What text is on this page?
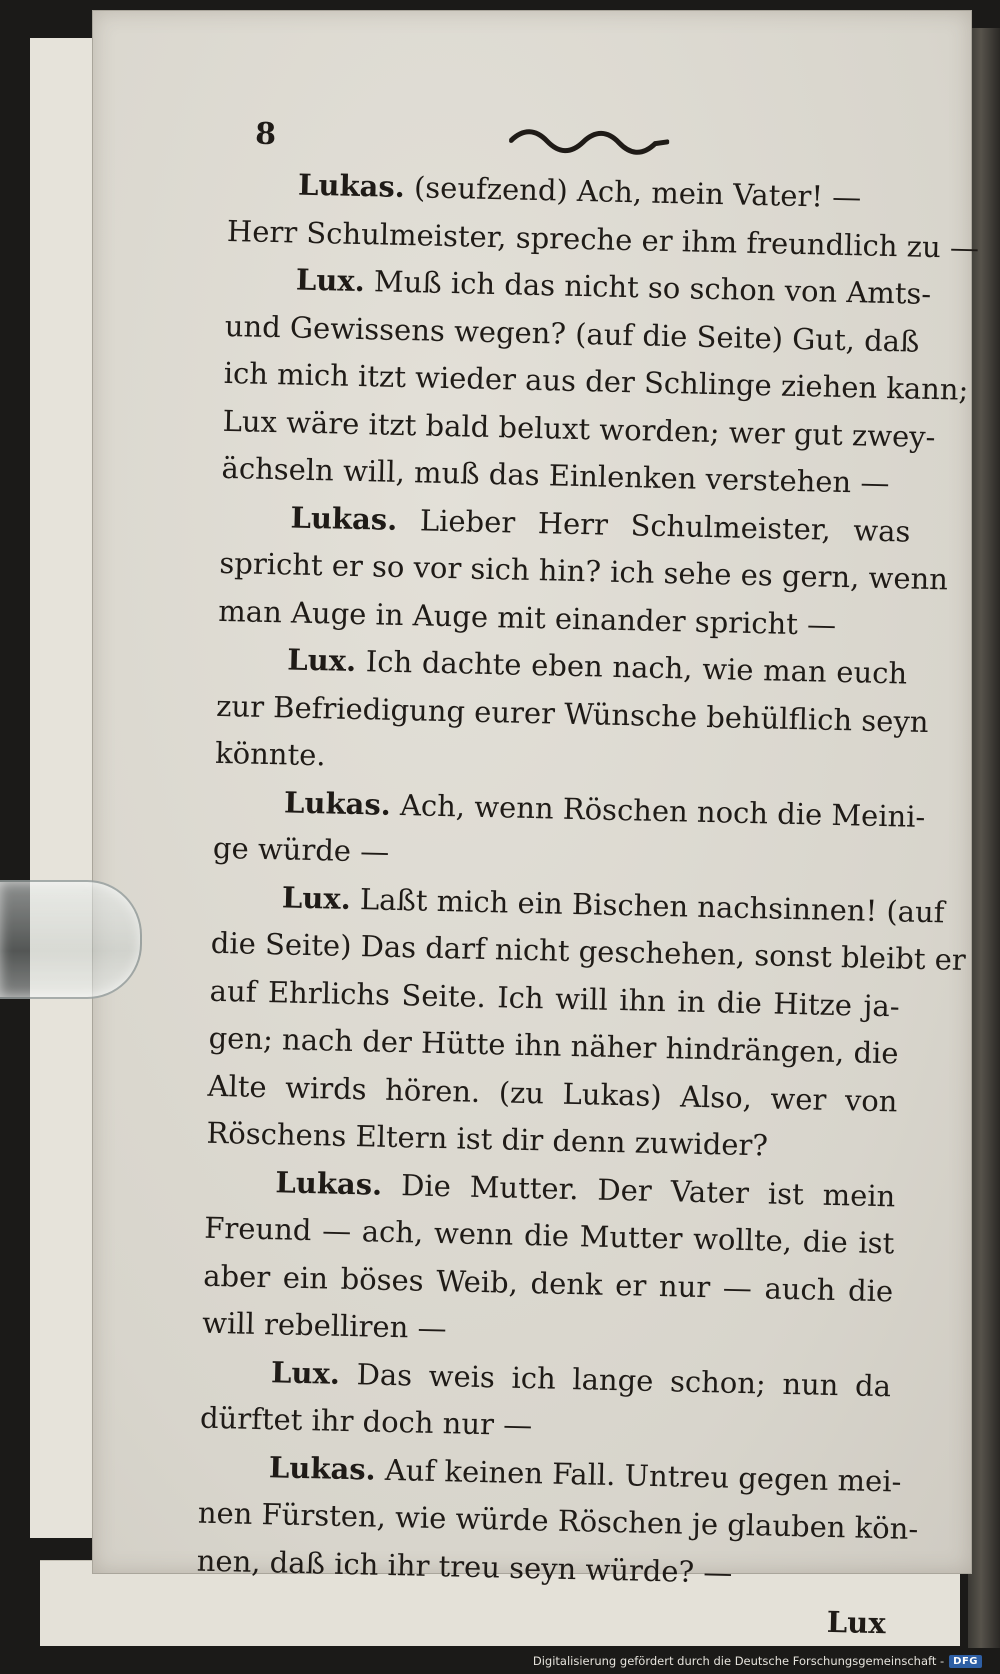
8
Lukas. (seufzend) Ach, mein Vater! —
Herr Schulmeister, spreche er ihm freundlich zu —
Lux. Muß ich das nicht so schon von Amts-
und Gewissens wegen? (auf die Seite) Gut, daß
ich mich itzt wieder aus der Schlinge ziehen kann;
Lux wäre itzt bald beluxt worden; wer gut zwey-
ächseln will, muß das Einlenken verstehen —
Lukas. Lieber Herr Schulmeister, was
spricht er so vor sich hin? ich sehe es gern, wenn
man Auge in Auge mit einander spricht —
Lux. Ich dachte eben nach, wie man euch
zur Befriedigung eurer Wünsche behülflich seyn
könnte.
Lukas. Ach, wenn Röschen noch die Meini-
ge würde —
Lux. Laßt mich ein Bischen nachsinnen! (auf
die Seite) Das darf nicht geschehen, sonst bleibt er
auf Ehrlichs Seite. Ich will ihn in die Hitze ja-
gen; nach der Hütte ihn näher hindrängen, die
Alte wirds hören. (zu Lukas) Also, wer von
Röschens Eltern ist dir denn zuwider?
Lukas. Die Mutter. Der Vater ist mein
Freund — ach, wenn die Mutter wollte, die ist
aber ein böses Weib, denk er nur — auch die
will rebelliren —
Lux. Das weis ich lange schon; nun da
dürftet ihr doch nur —
Lukas. Auf keinen Fall. Untreu gegen mei-
nen Fürsten, wie würde Röschen je glauben kön-
nen, daß ich ihr treu seyn würde? —
Lux
Digitalisierung gefördert durch die Deutsche Forschungsgemeinschaft - DFG
